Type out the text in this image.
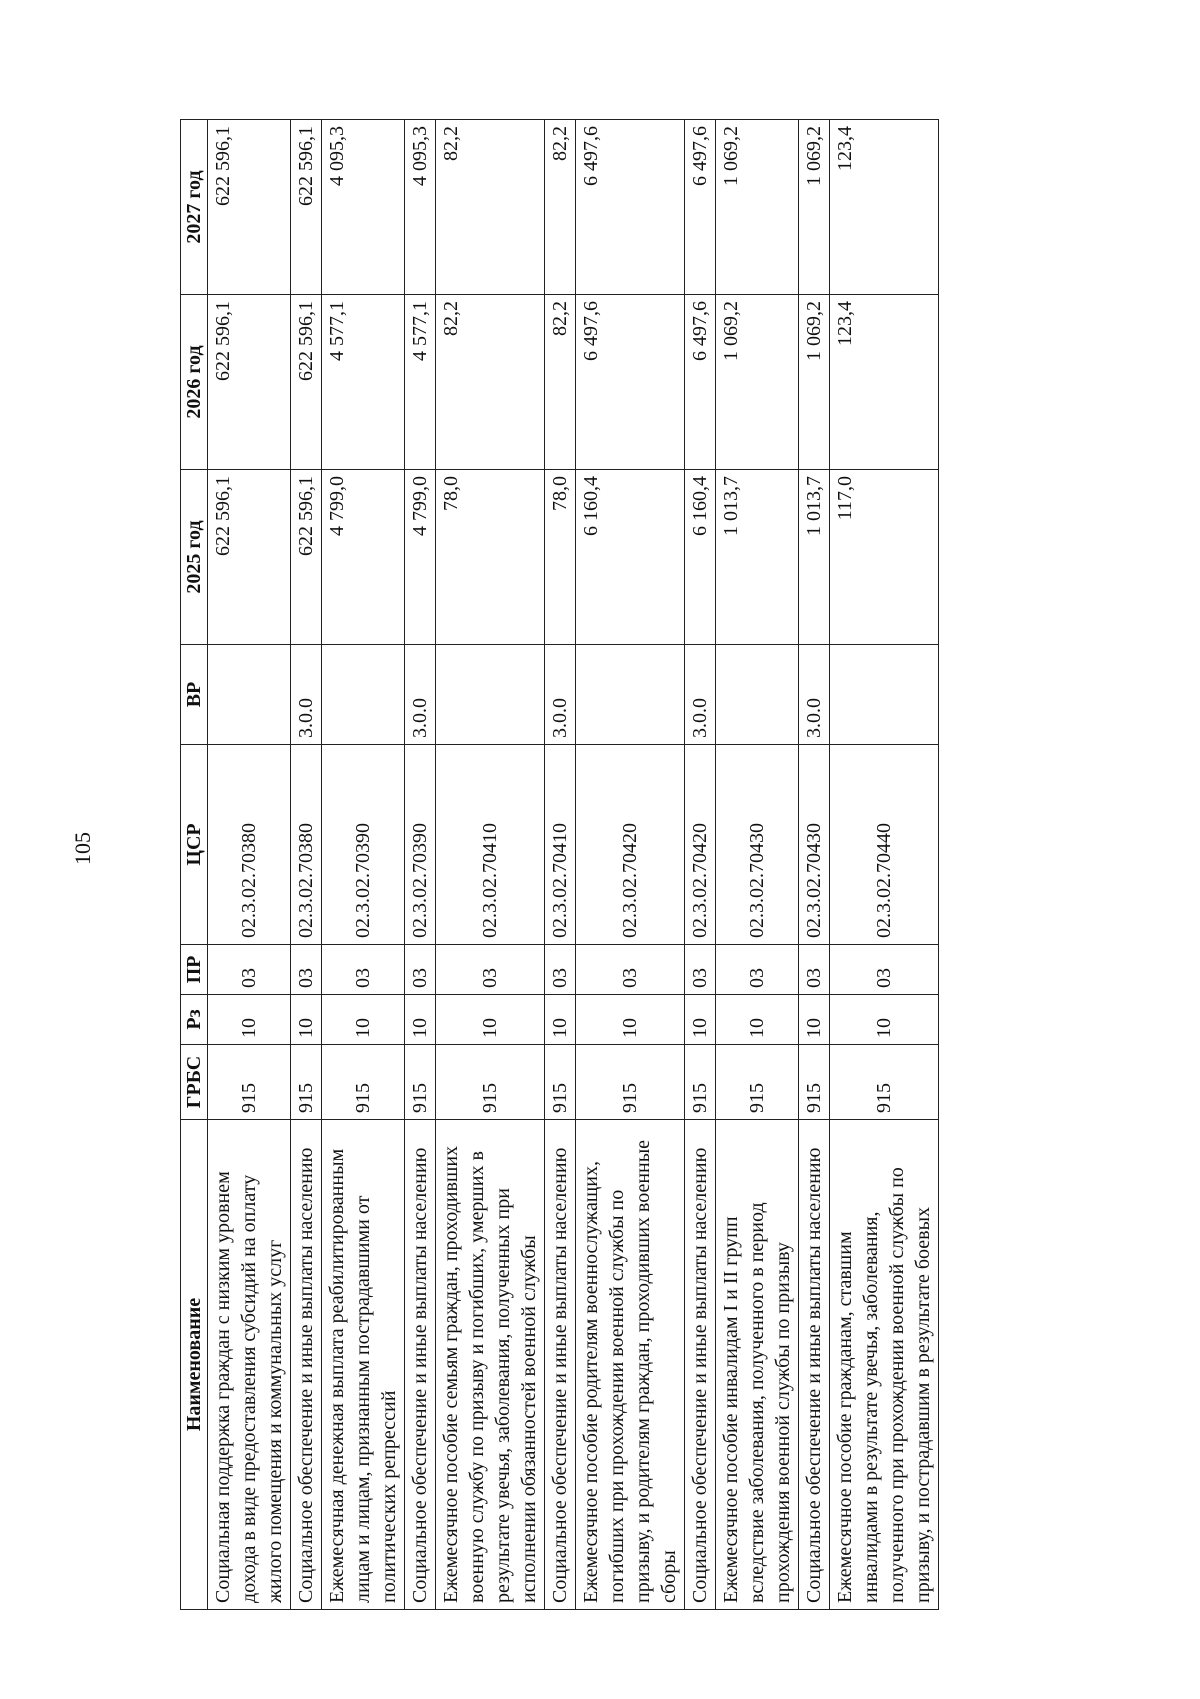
105
Наименование	ГРБС	Рз	ПР	ЦСР	ВР	2025 год	2026 год	2027 год
Социальная поддержка граждан с низким уровнем дохода в виде предоставления субсидий на оплату жилого помещения и коммунальных услуг	915	10	03	02.3.02.70380		622 596,1	622 596,1	622 596,1
Социальное обеспечение и иные выплаты населению	915	10	03	02.3.02.70380	3.0.0	622 596,1	622 596,1	622 596,1
Ежемесячная денежная выплата реабилитированным лицам и лицам, признанным пострадавшими от политических репрессий	915	10	03	02.3.02.70390		4 799,0	4 577,1	4 095,3
Социальное обеспечение и иные выплаты населению	915	10	03	02.3.02.70390	3.0.0	4 799,0	4 577,1	4 095,3
Ежемесячное пособие семьям граждан, проходивших военную службу по призыву и погибших, умерших в результате увечья, заболевания, полученных при исполнении обязанностей военной службы	915	10	03	02.3.02.70410		78,0	82,2	82,2
Социальное обеспечение и иные выплаты населению	915	10	03	02.3.02.70410	3.0.0	78,0	82,2	82,2
Ежемесячное пособие родителям военнослужащих, погибших при прохождении военной службы по призыву, и родителям граждан, проходивших военные сборы	915	10	03	02.3.02.70420		6 160,4	6 497,6	6 497,6
Социальное обеспечение и иные выплаты населению	915	10	03	02.3.02.70420	3.0.0	6 160,4	6 497,6	6 497,6
Ежемесячное пособие инвалидам I и II групп вследствие заболевания, полученного в период прохождения военной службы по призыву	915	10	03	02.3.02.70430		1 013,7	1 069,2	1 069,2
Социальное обеспечение и иные выплаты населению	915	10	03	02.3.02.70430	3.0.0	1 013,7	1 069,2	1 069,2
Ежемесячное пособие гражданам, ставшим инвалидами в результате увечья, заболевания, полученного при прохождении военной службы по призыву, и пострадавшим в результате боевых	915	10	03	02.3.02.70440		117,0	123,4	123,4
